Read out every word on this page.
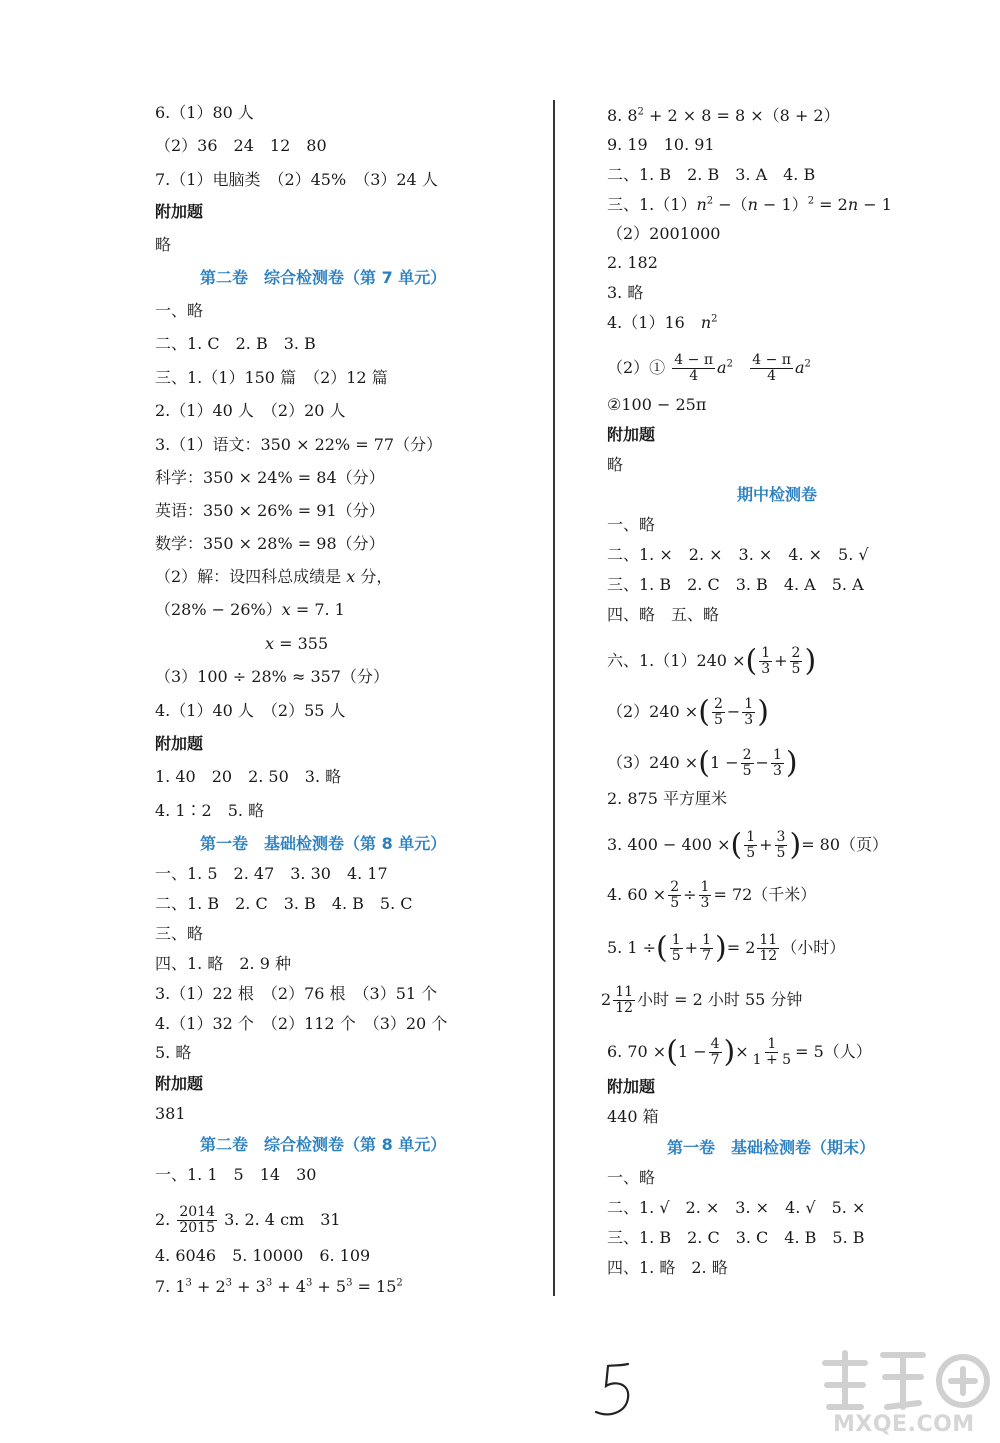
6.（1）80 人
（2）36　24　12　80
7.（1）电脑类　（2）45%　（3）24 人
附加题
略
第二卷　综合检测卷（第 7 单元）
一、略
二、1. C　2. B　3. B
三、1.（1）150 篇　（2）12 篇
2.（1）40 人　（2）20 人
3.（1）语文：350 × 22% = 77（分）
科学：350 × 24% = 84（分）
英语：350 × 26% = 91（分）
数学：350 × 28% = 98（分）
（2）解：设四科总成绩是 x 分，
（28% − 26%）x = 7. 1
x = 355
（3）100 ÷ 28% ≈ 357（分）
4.（1）40 人　（2）55 人
附加题
1. 40　20　2. 50　3. 略
4. 1∶2　5. 略
第一卷　基础检测卷（第 8 单元）
一、1. 5　2. 47　3. 30　4. 17
二、1. B　2. C　3. B　4. B　5. C
三、略
四、1. 略　2. 9 种
3.（1）22 根　（2）76 根　（3）51 个
4.（1）32 个　（2）112 个　（3）20 个
5. 略
附加题
381
第二卷　综合检测卷（第 8 单元）
一、1. 1　5　14　30
2. $\frac{2014}{2015} 3$. 2. 4 cm　31
4. 6046　5. 10000　6. 109
7. $1^3 + 2^3 + 3^3 + 4^3 + 5^3 = 15^2$
8. $8^2 + 2 \times 8 = 8 \times(8 + 2)$
9. 19　10. 91
二、1. B　2. B　3. A　4. B
三、$1.(1)n^2 -(n - 1)^2 = 2n - 1$
（2）2001000
2. 182
3. 略
4.（1）16　$n^2$
（2）① $\frac{4 - \pi}{4} a^2 \frac{4 - \pi}{4} a^2$
②100 − 25π
附加题
略
期中检测卷
一、略
二、1. ×　2. ×　3. ×　4. ×　5. √
三、1. B　2. C　3. B　4. A　5. A
四、略　五、略
六、1.（1）240 ×( $\frac{1}{3} + \frac{2}{5}$ )
（2）240 ×( $\frac{2}{5} - \frac{1}{3}$ )
$(3)240 \times(1 - \frac{2}{5} - \frac{1}{3}$ )
2. 875 平方厘米
3. 400 − 400 ×( $\frac{1}{5} + \frac{3}{5}$ )= 80（页）
4. $60 \times \frac{2}{5} \div \frac{1}{3} = 72$（千米）
5. 1 ÷( $\frac{1}{5} + \frac{1}{7}$ )= $2 \frac{11}{12}$ （小时）
$2 \frac{11}{12}$ 小时 = 2 小时 55 分钟
6. $70 \times(1 - \frac{4}{7}$ )× $\frac{1}{1 + 5} = 5$（人）
附加题
440 箱
第一卷　基础检测卷（期末）
一、略
二、1. √　2. ×　3. ×　4. √　5. ×
三、1. B　2. C　3. C　4. B　5. B
四、1. 略　2. 略
MXQE.COM
